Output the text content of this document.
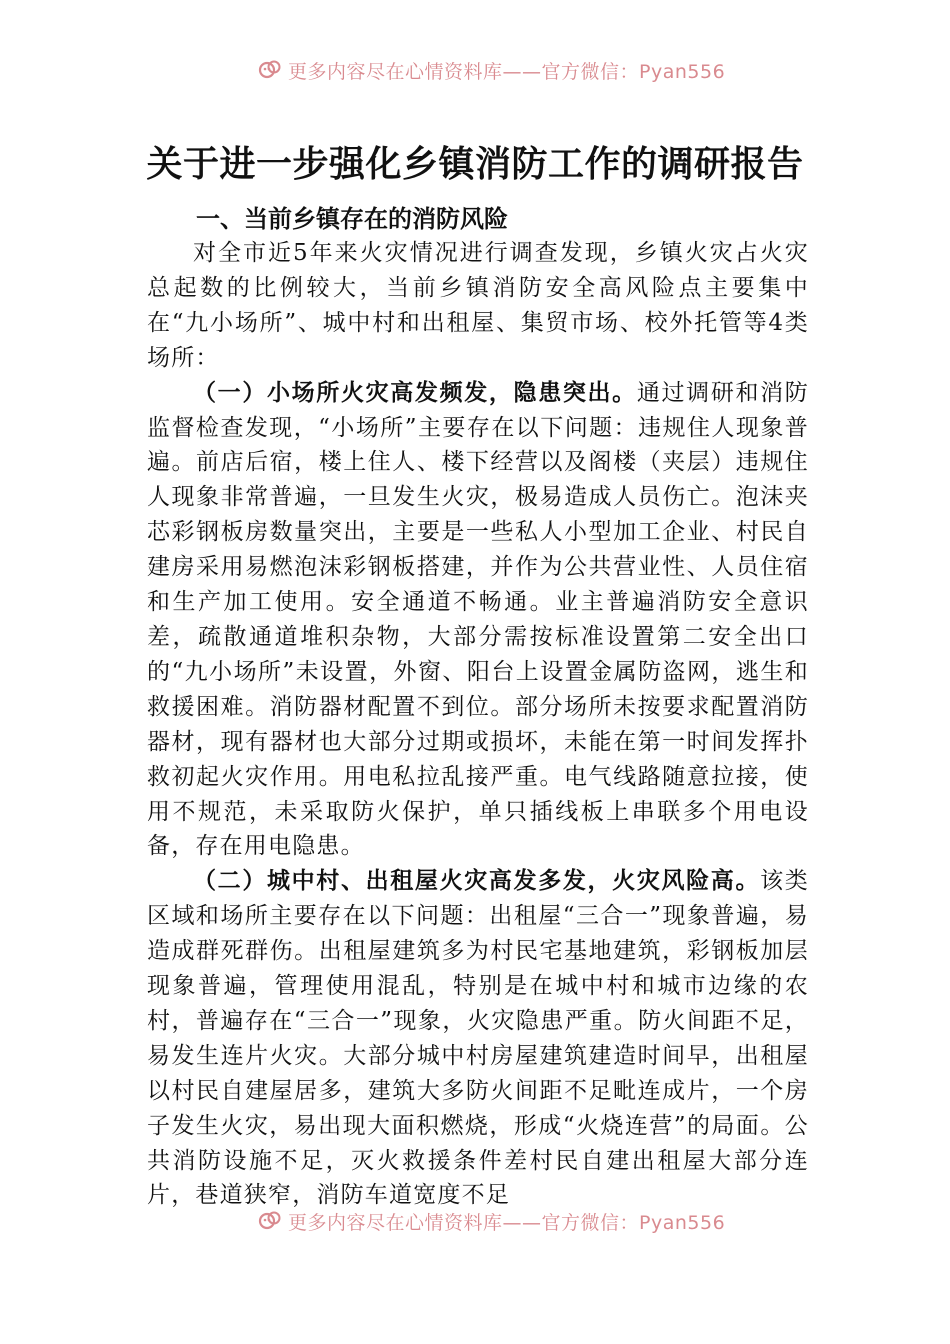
更多内容尽在心情资料库——官方微信：Pyan556
关于进一步强化乡镇消防工作的调研报告
一、当前乡镇存在的消防风险

对全市近5年来火灾情况进行调查发现，乡镇火灾占火灾总起数的比例较大，当前乡镇消防安全高风险点主要集中在“九小场所”、城中村和出租屋、集贸市场、校外托管等4类场所：

（一）小场所火灾高发频发，隐患突出。通过调研和消防监督检查发现，“小场所”主要存在以下问题：违规住人现象普遍。前店后宿，楼上住人、楼下经营以及阁楼（夹层）违规住人现象非常普遍，一旦发生火灾，极易造成人员伤亡。泡沫夹芯彩钢板房数量突出，主要是一些私人小型加工企业、村民自建房采用易燃泡沫彩钢板搭建，并作为公共营业性、人员住宿和生产加工使用。安全通道不畅通。业主普遍消防安全意识差，疏散通道堆积杂物，大部分需按标准设置第二安全出口的“九小场所”未设置，外窗、阳台上设置金属防盗网，逃生和救援困难。消防器材配置不到位。部分场所未按要求配置消防器材，现有器材也大部分过期或损坏，未能在第一时间发挥扑救初起火灾作用。用电私拉乱接严重。电气线路随意拉接，使用不规范，未采取防火保护，单只插线板上串联多个用电设备，存在用电隐患。

（二）城中村、出租屋火灾高发多发，火灾风险高。该类区域和场所主要存在以下问题：出租屋“三合一”现象普遍，易造成群死群伤。出租屋建筑多为村民宅基地建筑，彩钢板加层现象普遍，管理使用混乱，特别是在城中村和城市边缘的农村，普遍存在“三合一”现象，火灾隐患严重。防火间距不足，易发生连片火灾。大部分城中村房屋建筑建造时间早，出租屋以村民自建屋居多，建筑大多防火间距不足毗连成片，一个房子发生火灾，易出现大面积燃烧，形成“火烧连营”的局面。公共消防设施不足，灭火救援条件差村民自建出租屋大部分连片，巷道狭窄，消防车道宽度不足

更多内容尽在心情资料库——官方微信：Pyan556
